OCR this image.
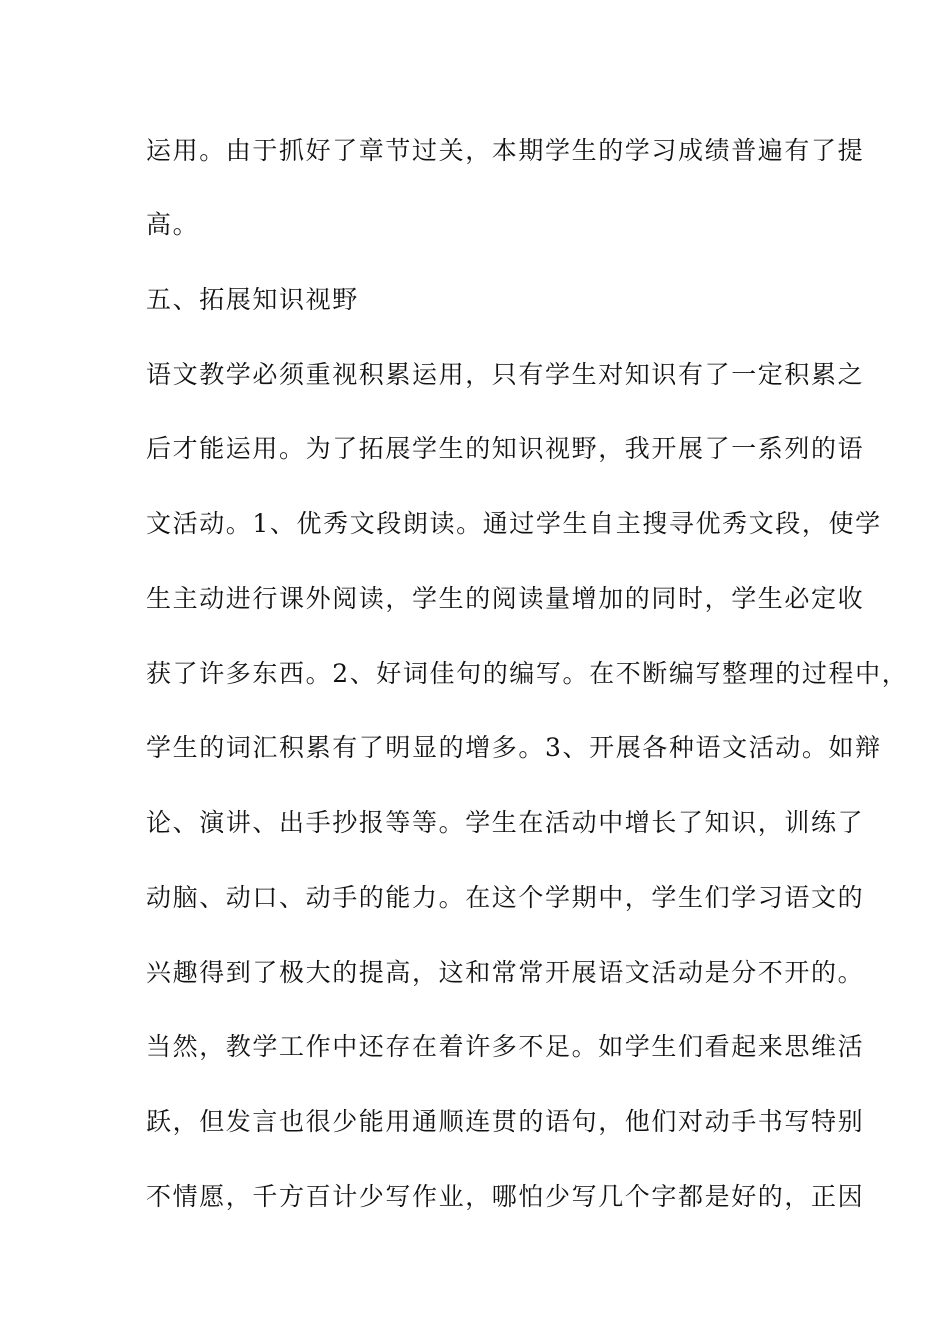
运用。由于抓好了章节过关，本期学生的学习成绩普遍有了提
高。
五、拓展知识视野
语文教学必须重视积累运用，只有学生对知识有了一定积累之
后才能运用。为了拓展学生的知识视野，我开展了一系列的语
文活动。1、优秀文段朗读。通过学生自主搜寻优秀文段，使学
生主动进行课外阅读，学生的阅读量增加的同时，学生必定收
获了许多东西。2、好词佳句的编写。在不断编写整理的过程中，
学生的词汇积累有了明显的增多。3、开展各种语文活动。如辩
论、演讲、出手抄报等等。学生在活动中增长了知识，训练了
动脑、动口、动手的能力。在这个学期中，学生们学习语文的
兴趣得到了极大的提高，这和常常开展语文活动是分不开的。
当然，教学工作中还存在着许多不足。如学生们看起来思维活
跃，但发言也很少能用通顺连贯的语句，他们对动手书写特别
不情愿，千方百计少写作业，哪怕少写几个字都是好的，正因
